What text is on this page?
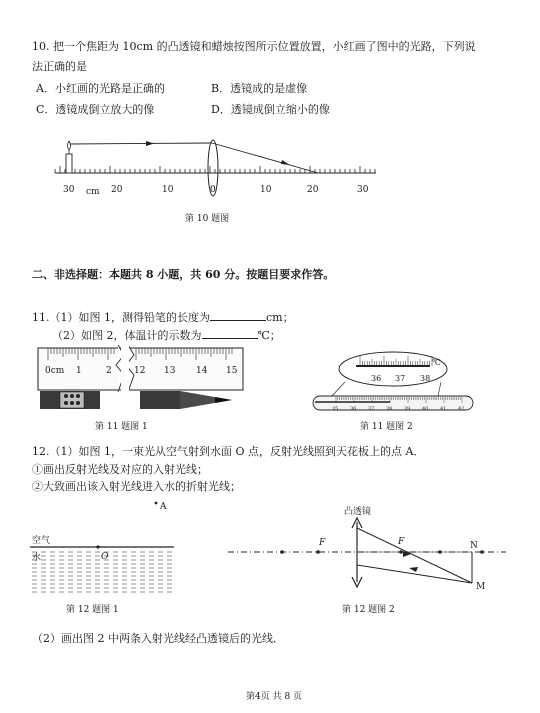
10. 把一个焦距为 10cm 的凸透镜和蜡烛按图所示位置放置，小红画了图中的光路，下列说
法正确的是
A．小红画的光路是正确的	B．透镜成的是虚像
C．透镜成倒立放大的像	D．透镜成倒立缩小的像
30 cm 20	10	0	10	20	30
第 10 题图
二、非选择题：本题共 8 小题，共 60 分。按题目要求作答。
11.（1）如图 1，测得铅笔的长度为	cm；
（2）如图 2，体温计的示数为	℃；
0cm 1	2 12 13 14 15
36 37 38
℃
35 36 37 38 39 40 41 42
第 11 题图 1	第 11 题图 2
12.（1）如图 1，一束光从空气射到水面 O 点，反射光线照到天花板上的点 A．
①画出反射光线及对应的入射光线；
②大致画出该入射光线进入水的折射光线；
A
空气
水	O
第 12 题图 1
凸透镜
F	F	N
M
第 12 题图 2
（2）画出图 2 中两条入射光线经凸透镜后的光线．
第4页 共 8 页
